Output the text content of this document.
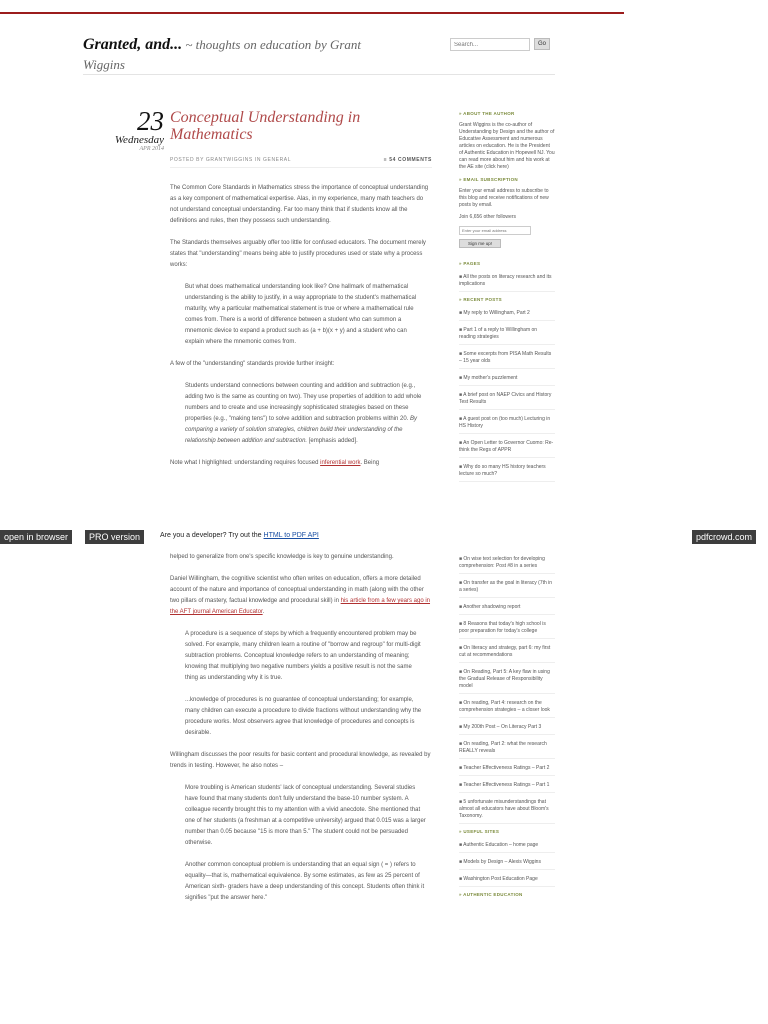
Granted, and... ~ thoughts on education by Grant
Wiggins
Search...
Go
23
Wednesday
APR 2014
Conceptual Understanding in Mathematics
POSTED BY GRANTWIGGINS IN GENERAL	≡ 54 COMMENTS

The Common Core Standards in Mathematics stress the importance of conceptual understanding as a key component of mathematical expertise. Alas, in my experience, many math teachers do not understand conceptual understanding. Far too many think that if students know all the definitions and rules, then they possess such understanding.

The Standards themselves arguably offer too little for confused educators. The document merely states that "understanding" means being able to justify procedures used or state why a process works:

But what does mathematical understanding look like? One hallmark of mathematical understanding is the ability to justify, in a way appropriate to the student's mathematical maturity, why a particular mathematical statement is true or where a mathematical rule comes from. There is a world of difference between a student who can summon a mnemonic device to expand a product such as (a + b)(x + y) and a student who can explain where the mnemonic comes from.

A few of the "understanding" standards provide further insight:

Students understand connections between counting and addition and subtraction (e.g., adding two is the same as counting on two). They use properties of addition to add whole numbers and to create and use increasingly sophisticated strategies based on these properties (e.g., "making tens") to solve addition and subtraction problems within 20. By comparing a variety of solution strategies, children build their understanding of the relationship between addition and subtraction. [emphasis added].

Note what I highlighted: understanding requires focused inferential work. Being

helped to generalize from one's specific knowledge is key to genuine understanding.

Daniel Willingham, the cognitive scientist who often writes on education, offers a more detailed account of the nature and importance of conceptual understanding in math (along with the other two pillars of mastery, factual knowledge and procedural skill) in his article from a few years ago in the AFT journal American Educator.

A procedure is a sequence of steps by which a frequently encountered problem may be solved. For example, many children learn a routine of "borrow and regroup" for multi-digit subtraction problems. Conceptual knowledge refers to an understanding of meaning; knowing that multiplying two negative numbers yields a positive result is not the same thing as understanding why it is true.

...knowledge of procedures is no guarantee of conceptual understanding; for example, many children can execute a procedure to divide fractions without understanding why the procedure works. Most observers agree that knowledge of procedures and concepts is desirable.

Willingham discusses the poor results for basic content and procedural knowledge, as revealed by trends in testing. However, he also notes –

More troubling is American students' lack of conceptual understanding. Several studies have found that many students don't fully understand the base-10 number system. A colleague recently brought this to my attention with a vivid anecdote. She mentioned that one of her students (a freshman at a competitive university) argued that 0.015 was a larger number than 0.05 because "15 is more than 5." The student could not be persuaded otherwise.

Another common conceptual problem is understanding that an equal sign ( = ) refers to equality—that is, mathematical equivalence. By some estimates, as few as 25 percent of American sixth- graders have a deep understanding of this concept. Students often think it signifies "put the answer here."

» ABOUT THE AUTHOR
Grant Wiggins is the co-author of Understanding by Design and the author of Educative Assessment and numerous articles on education. He is the President of Authentic Education in Hopewell NJ. You can read more about him and his work at the AE site (click here)
» EMAIL SUBSCRIPTION
Enter your email address to subscribe to this blog and receive notifications of new posts by email.
Join 6,656 other followers
Enter your email address
Sign me up!
» PAGES
■ All the posts on literacy research and its implications
» RECENT POSTS
■ My reply to Willingham, Part 2
■ Part 1 of a reply to Willingham on reading strategies
■ Some excerpts from PISA Math Results – 15 year olds
■ My mother's puzzlement
■ A brief post on NAEP Civics and History Test Results
■ A guest post on (too much) Lecturing in HS History
■ An Open Letter to Governor Cuomo: Re-think the Regs of APPR
■ Why do so many HS history teachers lecture so much?
■ On wise text selection for developing comprehension: Post #8 in a series
■ On transfer as the goal in literacy (7th in a series)
■ Another shadowing report
■ 8 Reasons that today's high school is poor preparation for today's college
■ On literacy and strategy, part 6: my first cut at recommendations
■ On Reading, Part 5: A key flaw in using the Gradual Release of Responsibility model
■ On reading, Part 4: research on the comprehension strategies – a closer look
■ My 200th Post – On Literacy Part 3
■ On reading, Part 2: what the research REALLY reveals
■ Teacher Effectiveness Ratings – Part 2
■ Teacher Effectiveness Ratings – Part 1
■ 5 unfortunate misunderstandings that almost all educators have about Bloom's Taxonomy.
» USEFUL SITES
■ Authentic Education – home page
■ Models by Design – Alexis Wiggins
■ Washington Post Education Page
» AUTHENTIC EDUCATION
open in browser	PRO version	Are you a developer? Try out the HTML to PDF API	pdfcrowd.com
